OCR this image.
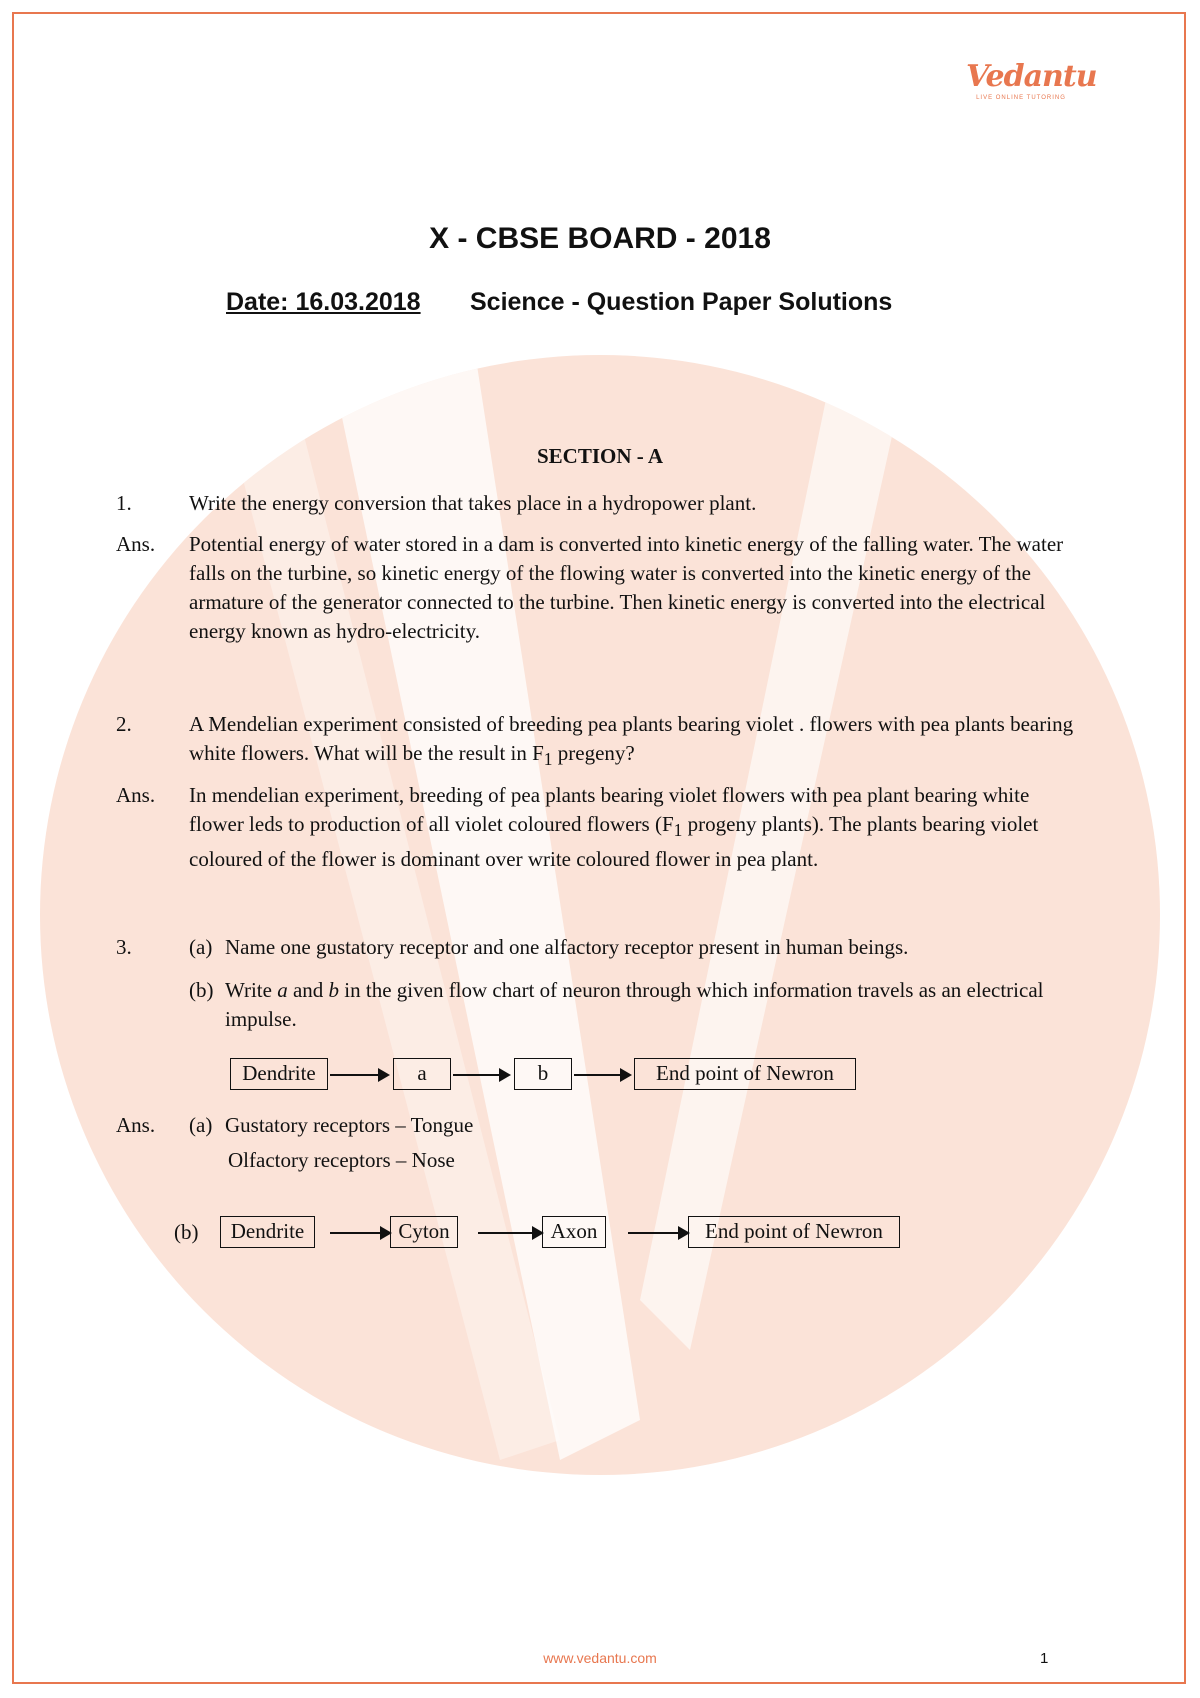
Vedantu
LIVE ONLINE TUTORING
X - CBSE BOARD - 2018
Date: 16.03.2018 Science - Question Paper Solutions
SECTION - A
1.	Write the energy conversion that takes place in a hydropower plant.
Ans. Potential energy of water stored in a dam is converted into kinetic energy of the falling water. The water falls on the turbine, so kinetic energy of the flowing water is converted into the kinetic energy of the armature of the generator connected to the turbine. Then kinetic energy is converted into the electrical energy known as hydro-electricity.
2.	A Mendelian experiment consisted of breeding pea plants bearing violet . flowers with pea plants bearing white flowers. What will be the result in $F_1$ pregeny?
Ans. In mendelian experiment, breeding of pea plants bearing violet flowers with pea plant bearing white flower leds to production of all violet coloured flowers ($F_1$ progeny plants). The plants bearing violet coloured of the flower is dominant over write coloured flower in pea plant.
3.	(a) Name one gustatory receptor and one alfactory receptor present in human beings.
(b) Write a and b in the given flow chart of neuron through which information travels as an electrical impulse.
Dendrite	a	b	End point of Newron
Ans. (a) Gustatory receptors – Tongue
Olfactory receptors – Nose
(b)	Dendrite	Cyton	Axon	End point of Newron
www.vedantu.com	1
